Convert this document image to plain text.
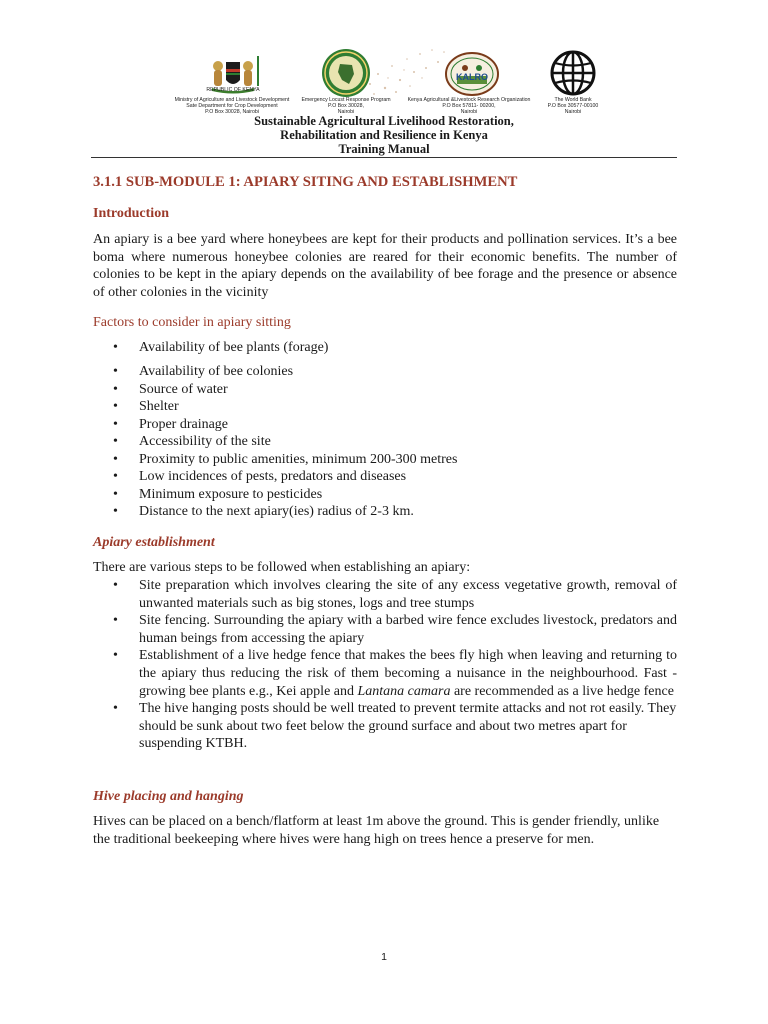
REPUBLIC OF KENYA
KALRO
Ministry of Agriculture and Livestock Development
Sate Department for Crop Development
P.O Box 30028, Nairobi
Emergency Locust Response Program
P.O Box 30028,
Nairobi
Kenya Agricultural &Livestock Research Organization
P.O Box 57811- 00200,
Nairobi
The World Bank
P.O Box 30577-00100
Nairobi
Sustainable Agricultural Livelihood Restoration,
Rehabilitation and Resilience in Kenya
Training Manual
3.1.1 SUB-MODULE 1: APIARY SITING AND ESTABLISHMENT
Introduction
An apiary is a bee yard where honeybees are kept for their products and pollination services. It’s a bee boma where numerous honeybee colonies are reared for their economic benefits. The number of colonies to be kept in the apiary depends on the availability of bee forage and the presence or absence of other colonies in the vicinity
Factors to consider in apiary sitting
• Availability of bee plants (forage)
• Availability of bee colonies
• Source of water
• Shelter
• Proper drainage
• Accessibility of the site
• Proximity to public amenities, minimum 200-300 metres
• Low incidences of pests, predators and diseases
• Minimum exposure to pesticides
• Distance to the next apiary(ies) radius of 2-3 km.
Apiary establishment
There are various steps to be followed when establishing an apiary:
• Site preparation which involves clearing the site of any excess vegetative growth, removal of unwanted materials such as big stones, logs and tree stumps
• Site fencing. Surrounding the apiary with a barbed wire fence excludes livestock, predators and human beings from accessing the apiary
• Establishment of a live hedge fence that makes the bees fly high when leaving and returning to the apiary thus reducing the risk of them becoming a nuisance in the neighbourhood. Fast - growing bee plants e.g., Kei apple and Lantana camara are recommended as a live hedge fence
• The hive hanging posts should be well treated to prevent termite attacks and not rot easily. They should be sunk about two feet below the ground surface and about two metres apart for suspending KTBH.
Hive placing and hanging
Hives can be placed on a bench/flatform at least 1m above the ground. This is gender friendly, unlike the traditional beekeeping where hives were hang high on trees hence a preserve for men.
1
